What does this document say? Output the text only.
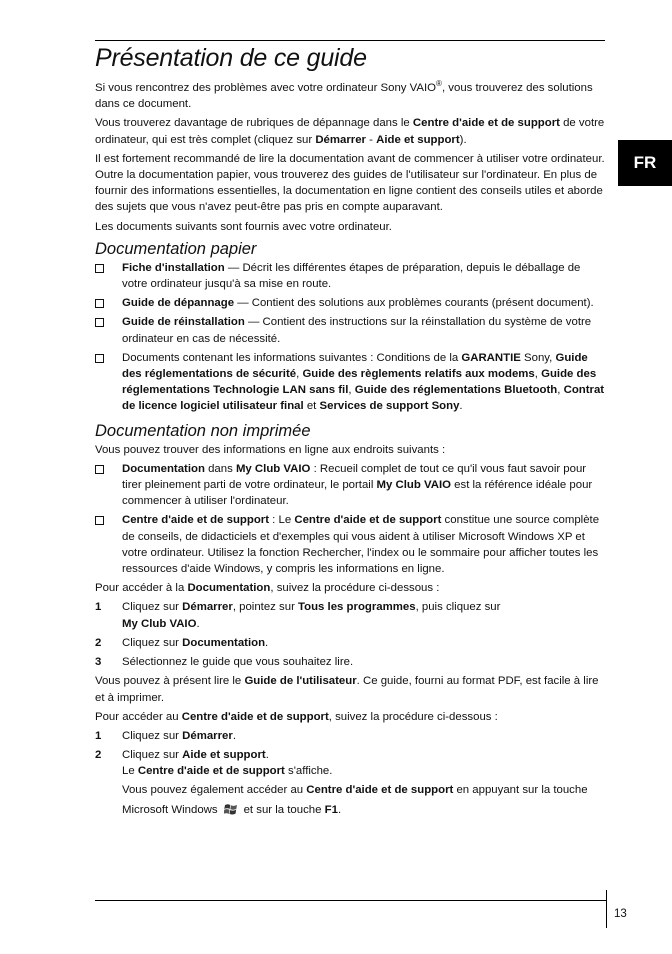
FR
Présentation de ce guide

Si vous rencontrez des problèmes avec votre ordinateur Sony VAIO®, vous trouverez des solutions dans ce document.

Vous trouverez davantage de rubriques de dépannage dans le Centre d'aide et de support de votre ordinateur, qui est très complet (cliquez sur Démarrer - Aide et support).

Il est fortement recommandé de lire la documentation avant de commencer à utiliser votre ordinateur. Outre la documentation papier, vous trouverez des guides de l'utilisateur sur l'ordinateur. En plus de fournir des informations essentielles, la documentation en ligne contient des conseils utiles et aborde des sujets que vous n'avez peut-être pas pris en compte auparavant.

Les documents suivants sont fournis avec votre ordinateur.

Documentation papier
Fiche d'installation — Décrit les différentes étapes de préparation, depuis le déballage de votre ordinateur jusqu'à sa mise en route.
Guide de dépannage — Contient des solutions aux problèmes courants (présent document).
Guide de réinstallation — Contient des instructions sur la réinstallation du système de votre ordinateur en cas de nécessité.
Documents contenant les informations suivantes : Conditions de la GARANTIE Sony, Guide des réglementations de sécurité, Guide des règlements relatifs aux modems, Guide des réglementations Technologie LAN sans fil, Guide des réglementations Bluetooth, Contrat de licence logiciel utilisateur final et Services de support Sony.
Documentation non imprimée

Vous pouvez trouver des informations en ligne aux endroits suivants :

Documentation dans My Club VAIO : Recueil complet de tout ce qu'il vous faut savoir pour tirer pleinement parti de votre ordinateur, le portail My Club VAIO est la référence idéale pour commencer à utiliser l'ordinateur.
Centre d'aide et de support : Le Centre d'aide et de support constitue une source complète de conseils, de didacticiels et d'exemples qui vous aident à utiliser Microsoft Windows XP et votre ordinateur. Utilisez la fonction Rechercher, l'index ou le sommaire pour afficher toutes les ressources d'aide Windows, y compris les informations en ligne.

Pour accéder à la Documentation, suivez la procédure ci-dessous :

1	Cliquez sur Démarrer, pointez sur Tous les programmes, puis cliquez sur
My Club VAIO.
2	Cliquez sur Documentation.
3	Sélectionnez le guide que vous souhaitez lire.

Vous pouvez à présent lire le Guide de l'utilisateur. Ce guide, fourni au format PDF, est facile à lire et à imprimer.

Pour accéder au Centre d'aide et de support, suivez la procédure ci-dessous :

1	Cliquez sur Démarrer.
2	Cliquez sur Aide et support.
Le Centre d'aide et de support s'affiche.
Vous pouvez également accéder au Centre d'aide et de support en appuyant sur la touche Microsoft Windows et sur la touche F1.
13
